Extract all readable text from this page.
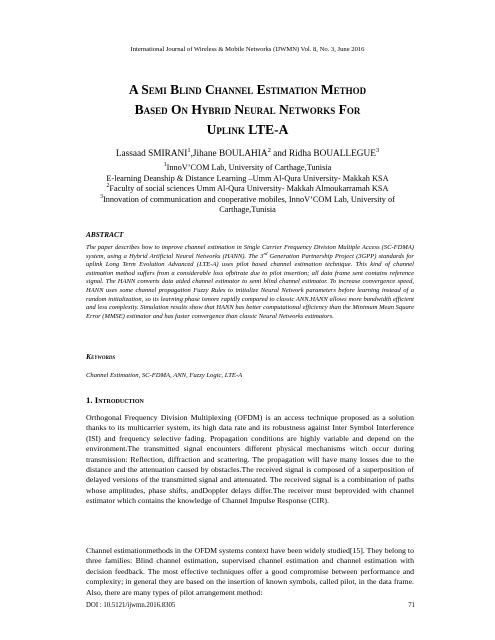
International Journal of Wireless & Mobile Networks (IJWMN) Vol. 8, No. 3, June 2016
A Semi Blind Channel Estimation Method
Based On Hybrid Neural Networks For
Uplink LTE-A
Lassaad SMIRANI$^1$,Jihane BOULAHIA$^2$ and Ridha BOUALLEGUE$^3$
$^1$InnoV’COM Lab, University of Carthage,Tunisia
E-learning Deanship & Distance Learning –Umm Al-Qura University- Makkah KSA
$^2$Faculty of social sciences Umm Al-Qura University- Makkah Almoukarramah KSA
$^3$Innovation of communication and cooperative mobiles, InnoV’COM Lab, University of
Carthage,Tunisia
ABSTRACT

The paper describes how to improve channel estimation in Single Carrier Frequency Division Multiple Access (SC-FDMA) system, using a Hybrid Artificial Neural Networks (HANN). The 3rd Generation Partnership Project (3GPP) standards for uplink Long Term Evolution Advanced (LTE-A) uses pilot based channel estimation technique. This kind of channel estimation method suffers from a considerable loss ofbitrate due to pilot insertion; all data frame sent contains reference signal. The HANN converts data aided channel estimator to semi blind channel estimator. To increase convergence speed, HANN uses some channel propagation Fuzzy Rules to initialize Neural Network parameters before learning instead of a random initialization, so its learning phase ismore rapidly compared to classic ANN.HANN allows more bandwidth efficient and less complexity. Simulation results show that HANN has better computational efficiency than the Minimum Mean Square Error (MMSE) estimator and has faster convergence than classic Neural Networks estimators.

Keywords

Channel Estimation, SC-FDMA, ANN, Fuzzy Logic, LTE-A

1. Introduction

Orthogonal Frequency Division Multiplexing (OFDM) is an access technique proposed as a solution thanks to its multicarrier system, its high data rate and its robustness against Inter Symbol Interference (ISI) and frequency selective fading. Propagation conditions are highly variable and depend on the environment.The transmitted signal encounters different physical mechanisms witch occur during transmission: Reflection, diffraction and scattering. The propagation will have many losses due to the distance and the attenuation caused by obstacles.The received signal is composed of a superposition of delayed versions of the transmitted signal and attenuated. The received signal is a combination of paths whose amplitudes, phase shifts, andDoppler delays differ.The receiver must beprovided with channel estimator which contains the knowledge of Channel Impulse Response (CIR).

Channel estimationmethods in the OFDM systems context have been widely studied[15]. They belong to three families: Blind channel estimation, supervised channel estimation and channel estimation with decision feedback. The most effective techniques offer a good compromise between performance and complexity; in general they are based on the insertion of known symbols, called pilot, in the data frame. Also, there are many types of pilot arrangement method:

DOI : 10.5121/ijwmn.2016.8305	71
